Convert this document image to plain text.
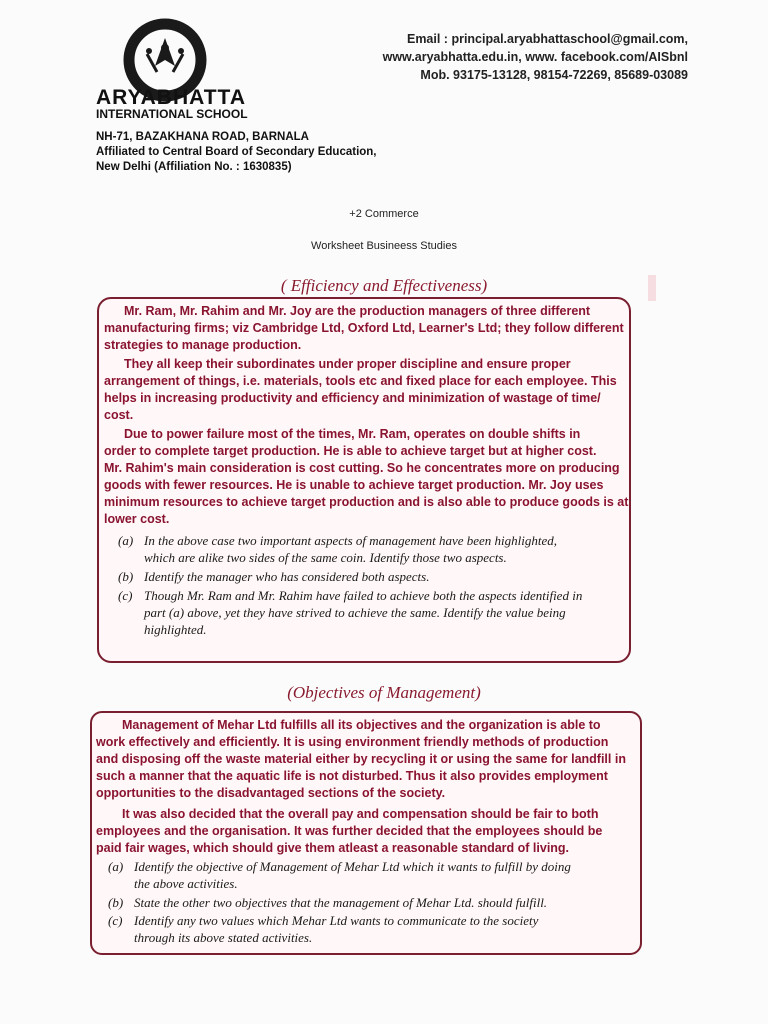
ARYABHATTA
INTERNATIONAL SCHOOL
NH-71, BAZAKHANA ROAD, BARNALA
Affiliated to Central Board of Secondary Education,
New Delhi (Affiliation No. : 1630835)
Email : principal.aryabhattaschool@gmail.com,
www.aryabhatta.edu.in, www. facebook.com/AISbnl
Mob. 93175-13128, 98154-72269, 85689-03089
+2 Commerce
Worksheet Busineess Studies
( Efficiency and Effectiveness)
Mr. Ram, Mr. Rahim and Mr. Joy are the production managers of three different
manufacturing firms; viz Cambridge Ltd, Oxford Ltd, Learner's Ltd; they follow different
strategies to manage production.
They all keep their subordinates under proper discipline and ensure proper
arrangement of things, i.e. materials, tools etc and fixed place for each employee. This
helps in increasing productivity and efficiency and minimization of wastage of time/
cost.
Due to power failure most of the times, Mr. Ram, operates on double shifts in
order to complete target production. He is able to achieve target but at higher cost.
Mr. Rahim's main consideration is cost cutting. So he concentrates more on producing
goods with fewer resources. He is unable to achieve target production. Mr. Joy uses
minimum resources to achieve target production and is also able to produce goods is at
lower cost.
(a) In the above case two important aspects of management have been highlighted,
which are alike two sides of the same coin. Identify those two aspects.
(b) Identify the manager who has considered both aspects.
(c) Though Mr. Ram and Mr. Rahim have failed to achieve both the aspects identified in
part (a) above, yet they have strived to achieve the same. Identify the value being
highlighted.
(Objectives of Management)
Management of Mehar Ltd fulfills all its objectives and the organization is able to
work effectively and efficiently. It is using environment friendly methods of production
and disposing off the waste material either by recycling it or using the same for landfill in
such a manner that the aquatic life is not disturbed. Thus it also provides employment
opportunities to the disadvantaged sections of the society.
It was also decided that the overall pay and compensation should be fair to both
employees and the organisation. It was further decided that the employees should be
paid fair wages, which should give them atleast a reasonable standard of living.
(a) Identify the objective of Management of Mehar Ltd which it wants to fulfill by doing
the above activities.
(b) State the other two objectives that the management of Mehar Ltd. should fulfill.
(c) Identify any two values which Mehar Ltd wants to communicate to the society
through its above stated activities.
